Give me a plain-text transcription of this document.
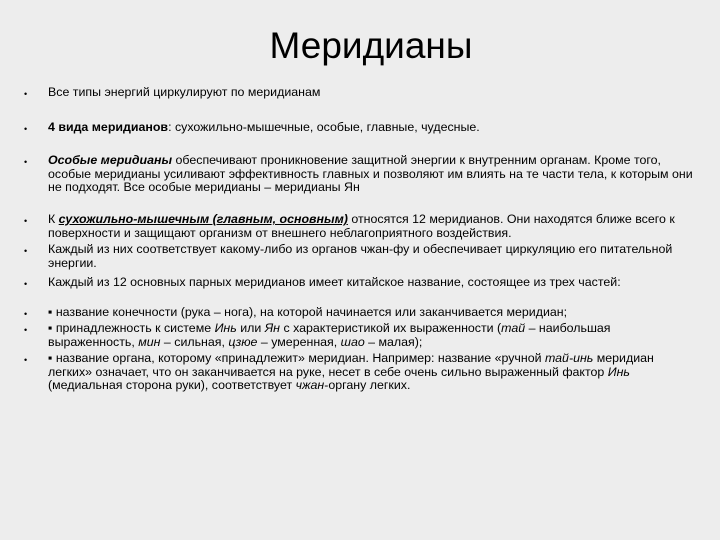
Меридианы
• Все типы энергий циркулируют по меридианам
• 4 вида меридианов: сухожильно-мышечные, особые, главные, чудесные.
• Особые меридианы обеспечивают проникновение защитной энергии к внутренним органам. Кроме того, особые меридианы усиливают эффективность главных и позволяют им влиять на те части тела, к которым они не подходят. Все особые меридианы – меридианы Ян
• К сухожильно-мышечным (главным, основным) относятся 12 меридианов. Они находятся ближе всего к поверхности и защищают организм от внешнего неблагоприятного воздействия.
• Каждый из них соответствует какому-либо из органов чжан-фу и обеспечивает циркуляцию его питательной энергии.
• Каждый из 12 основных парных меридианов имеет китайское название, состоящее из трех частей:
• ▪ название конечности (рука – нога), на которой начинается или заканчивается меридиан;
• ▪ принадлежность к системе Инь или Ян с характеристикой их выраженности (тай – наибольшая выраженность, мин – сильная, цзюе – умеренная, шао – малая);
• ▪ название органа, которому «принадлежит» меридиан. Например: название «ручной тай-инь меридиан легких» означает, что он заканчивается на руке, несет в себе очень сильно выраженный фактор Инь (медиальная сторона руки), соответствует чжан-органу легких.
